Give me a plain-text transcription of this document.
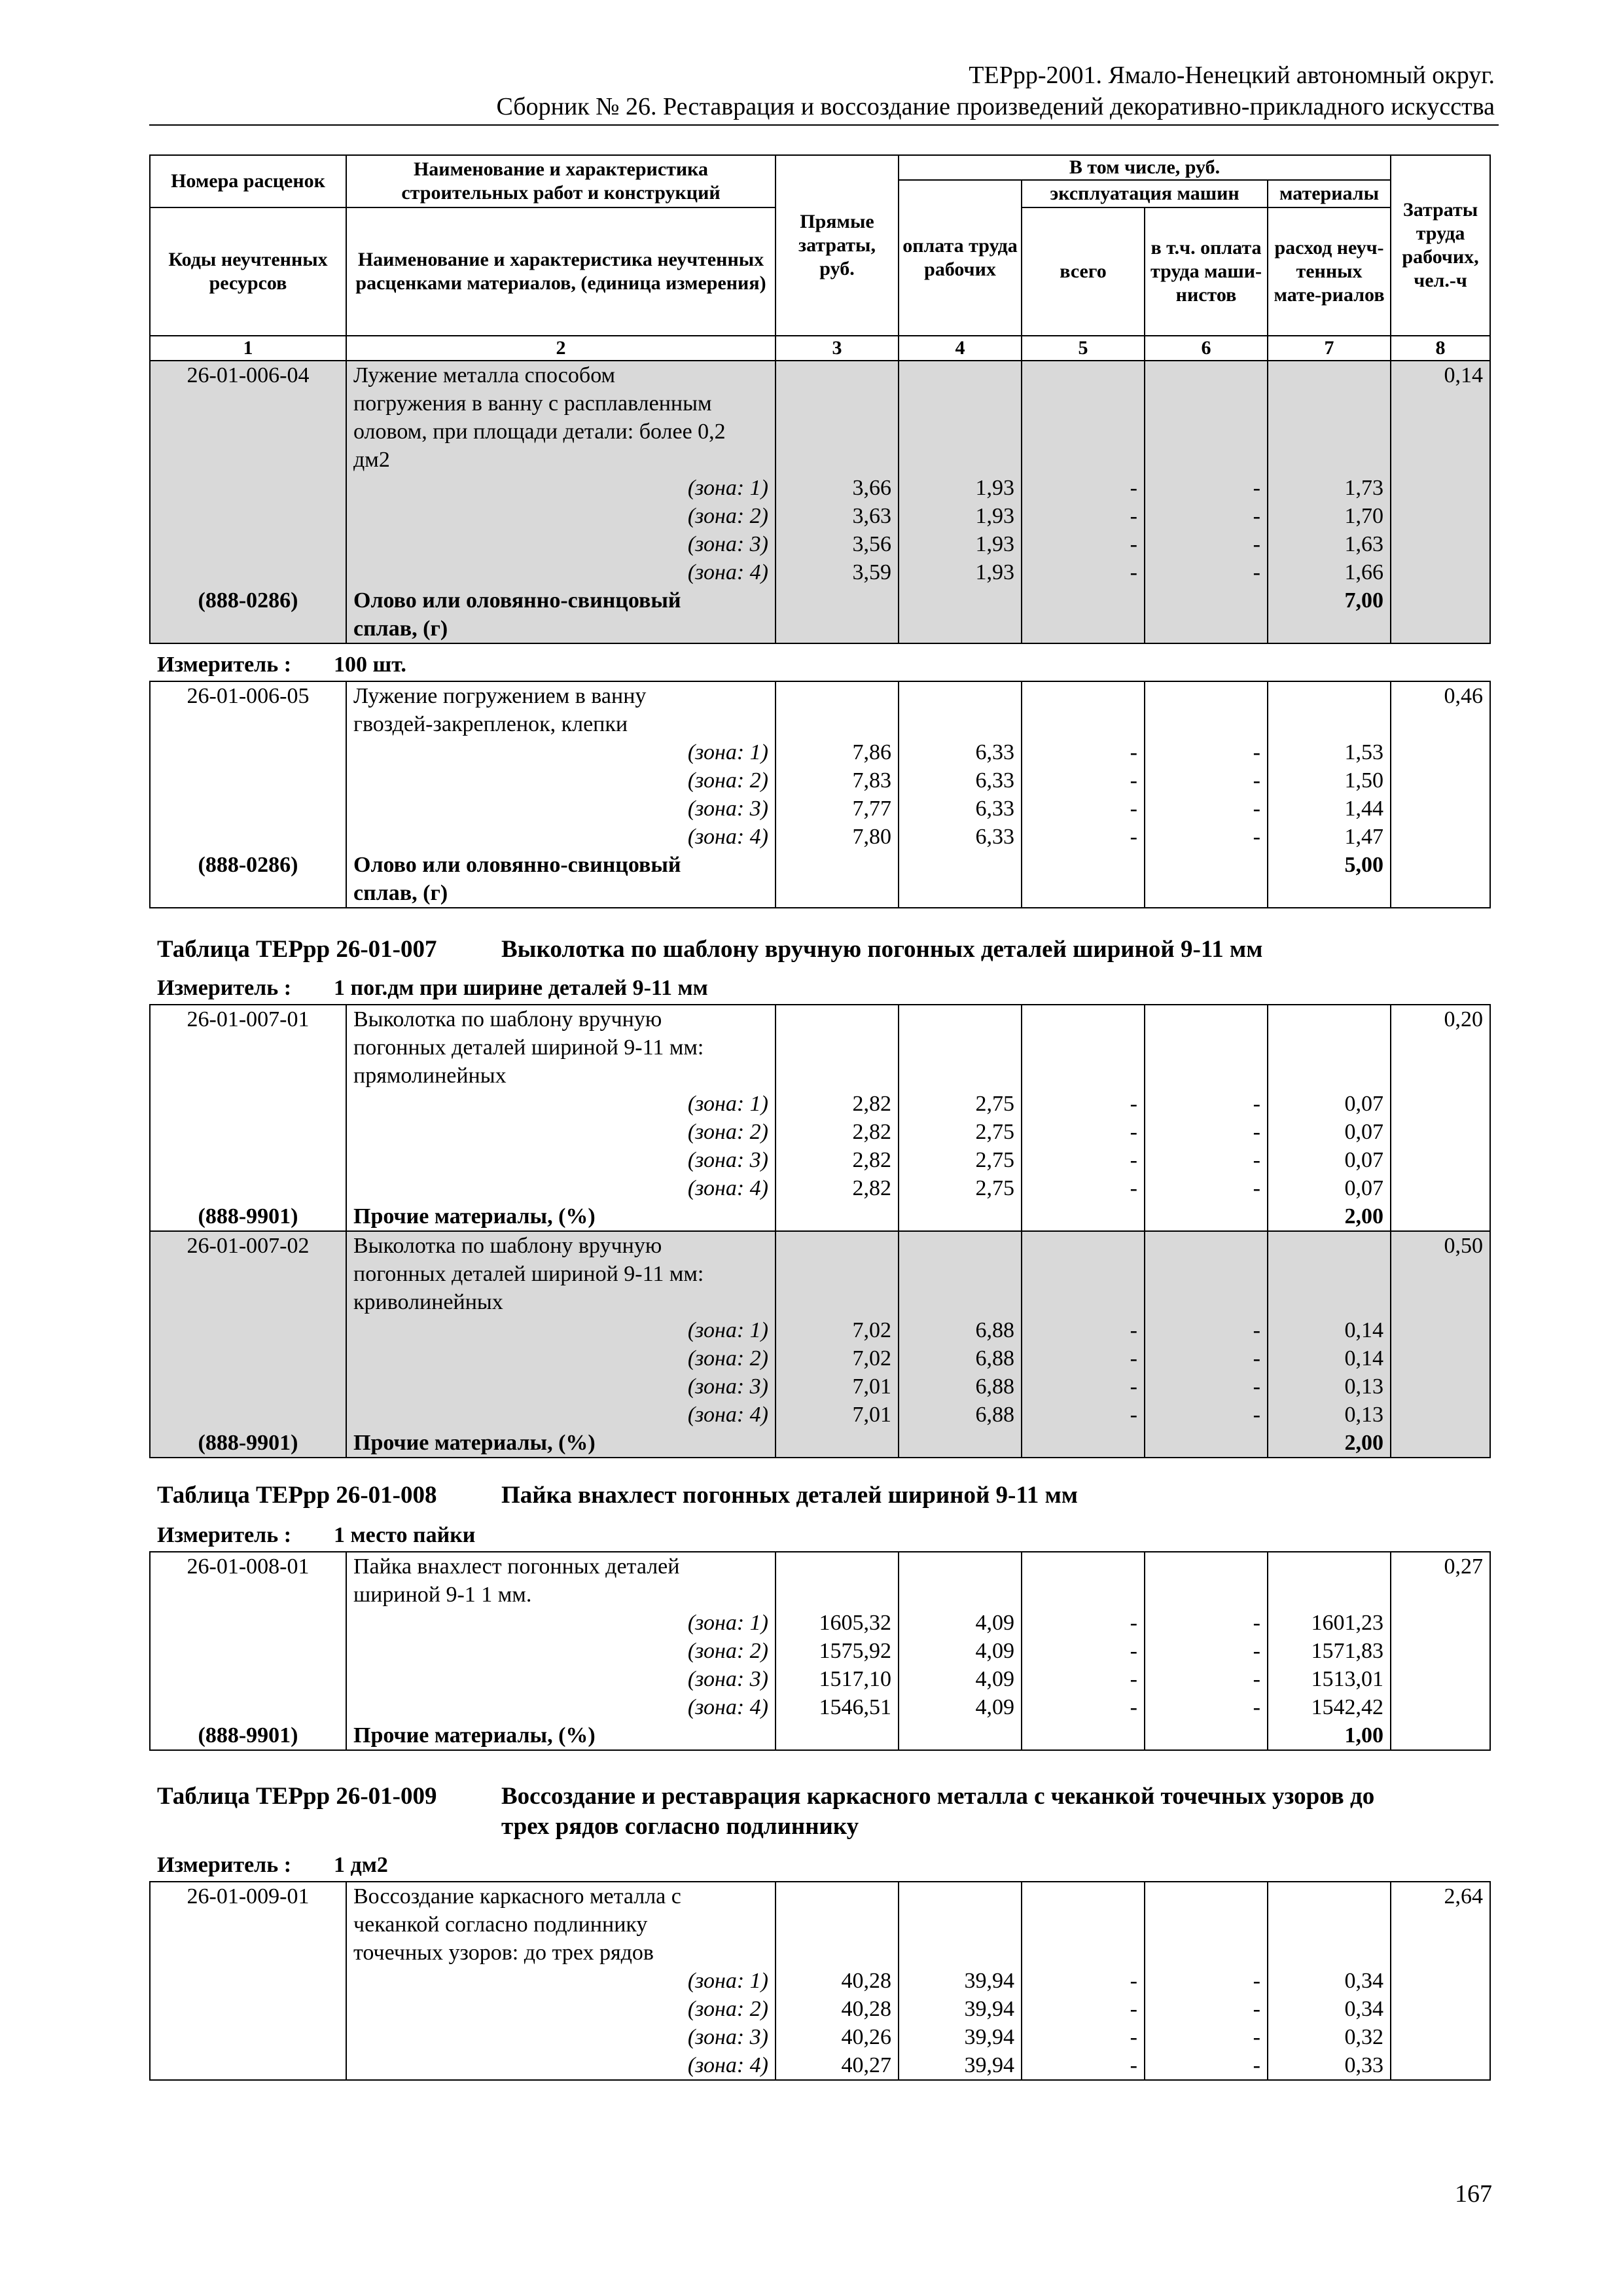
ТЕРрр-2001. Ямало-Ненецкий автономный округ.
Сборник № 26. Реставрация и воссоздание произведений декоративно-прикладного искусства
Номера расценок	Наименование и характеристика строительных работ и конструкций	Прямые затраты, руб.	В том числе, руб.				Затраты труда рабочих, чел.-ч
			оплата труда рабочих	эксплуатация машин		материалы	
Коды неучтенных ресурсов	Наименование и характеристика неучтенных расценками материалов, (единица измерения)			всего	в т.ч. оплата труда маши-нистов	расход неуч-тенных мате-риалов	
1	2	3	4	5	6	7	8
26-01-006-04	Лужение металла способом						0,14
	погружения в ванну с расплавленным						
	оловом, при площади детали: более 0,2						
	дм2						
	(зона: 1)	3,66	1,93	-	-	1,73	
	(зона: 2)	3,63	1,93	-	-	1,70	
	(зона: 3)	3,56	1,93	-	-	1,63	
	(зона: 4)	3,59	1,93	-	-	1,66	
(888-0286)	Олово или оловянно-свинцовый					7,00	
	сплав, (г)						
Измеритель : 100 шт.
26-01-006-05	Лужение погружением в ванну						0,46
	гвоздей-закрепленок, клепки						
	(зона: 1)	7,86	6,33	-	-	1,53	
	(зона: 2)	7,83	6,33	-	-	1,50	
	(зона: 3)	7,77	6,33	-	-	1,44	
	(зона: 4)	7,80	6,33	-	-	1,47	
(888-0286)	Олово или оловянно-свинцовый					5,00	
	сплав, (г)						
Таблица ТЕРрр 26-01-007	Выколотка по шаблону вручную погонных деталей шириной 9-11 мм
Измеритель : 1 пог.дм при ширине деталей 9-11 мм
26-01-007-01	Выколотка по шаблону вручную						0,20
	погонных деталей шириной 9-11 мм:						
	прямолинейных						
	(зона: 1)	2,82	2,75	-	-	0,07	
	(зона: 2)	2,82	2,75	-	-	0,07	
	(зона: 3)	2,82	2,75	-	-	0,07	
	(зона: 4)	2,82	2,75	-	-	0,07	
(888-9901)	Прочие материалы, (%)					2,00	
26-01-007-02	Выколотка по шаблону вручную						0,50
	погонных деталей шириной 9-11 мм:						
	криволинейных						
	(зона: 1)	7,02	6,88	-	-	0,14	
	(зона: 2)	7,02	6,88	-	-	0,14	
	(зона: 3)	7,01	6,88	-	-	0,13	
	(зона: 4)	7,01	6,88	-	-	0,13	
(888-9901)	Прочие материалы, (%)					2,00	
Таблица ТЕРрр 26-01-008	Пайка внахлест погонных деталей шириной 9-11 мм
Измеритель : 1 место пайки
26-01-008-01	Пайка внахлест погонных деталей						0,27
	шириной 9-1 1 мм.						
	(зона: 1)	1605,32	4,09	-	-	1601,23	
	(зона: 2)	1575,92	4,09	-	-	1571,83	
	(зона: 3)	1517,10	4,09	-	-	1513,01	
	(зона: 4)	1546,51	4,09	-	-	1542,42	
(888-9901)	Прочие материалы, (%)					1,00	
Таблица ТЕРрр 26-01-009	Воссоздание и реставрация каркасного металла с чеканкой точечных узоров до
трех рядов согласно подлиннику
Измеритель : 1 дм2
26-01-009-01	Воссоздание каркасного металла с						2,64
	чеканкой согласно подлиннику						
	точечных узоров: до трех рядов						
	(зона: 1)	40,28	39,94	-	-	0,34	
	(зона: 2)	40,28	39,94	-	-	0,34	
	(зона: 3)	40,26	39,94	-	-	0,32	
	(зона: 4)	40,27	39,94	-	-	0,33	
167
